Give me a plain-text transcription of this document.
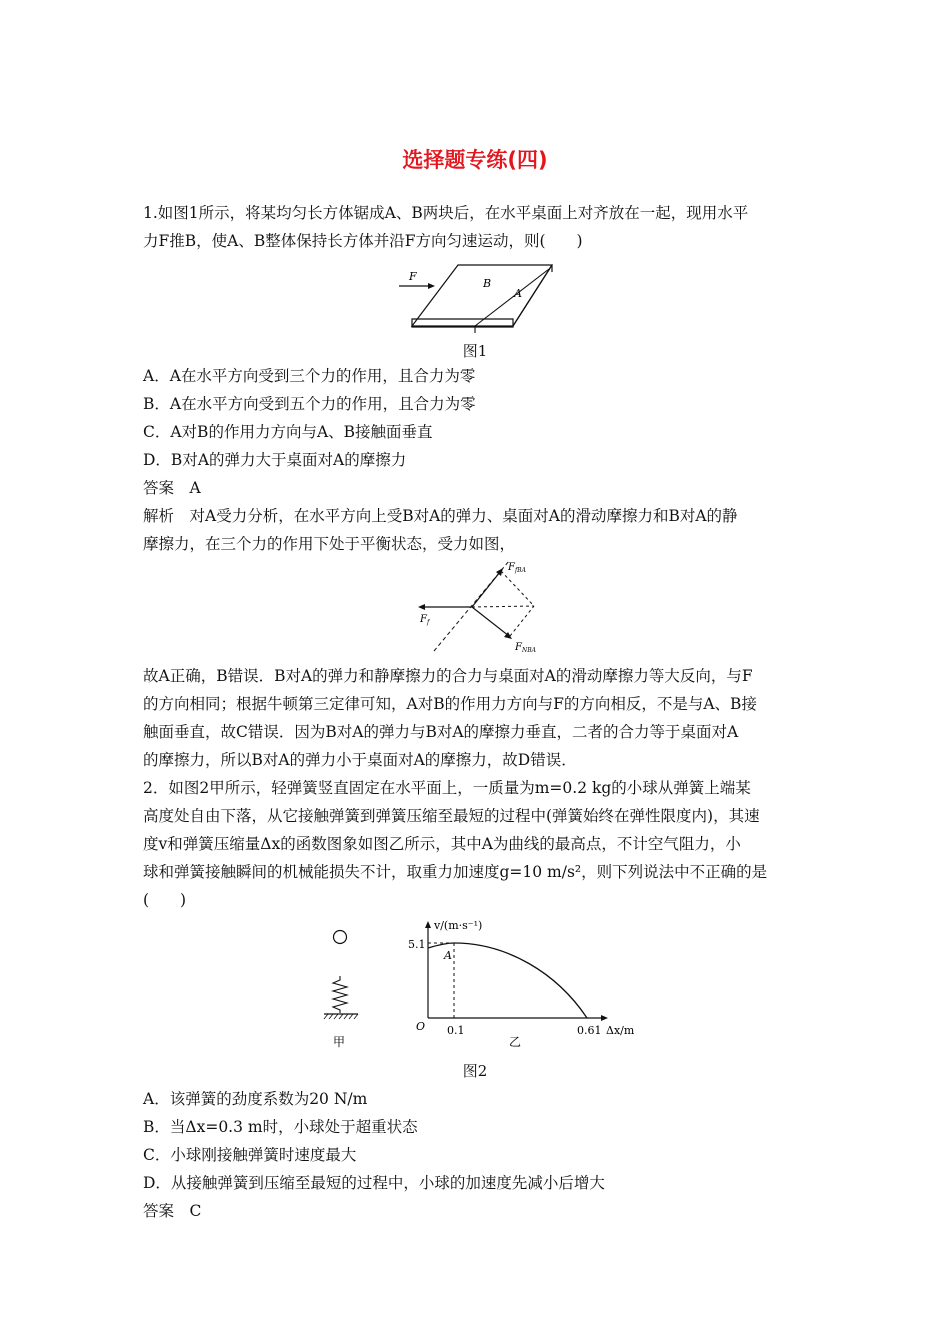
选择题专练(四)

1.如图1所示，将某均匀长方体锯成A、B两块后，在水平桌面上对齐放在一起，现用水平

力F推B，使A、B整体保持长方体并沿F方向匀速运动，则(　　)

F
B
A
图1

A．A在水平方向受到三个力的作用，且合力为零

B．A在水平方向受到五个力的作用，且合力为零

C．A对B的作用力方向与A、B接触面垂直

D．B对A的弹力大于桌面对A的摩擦力

答案　A

解析　对A受力分析，在水平方向上受B对A的弹力、桌面对A的滑动摩擦力和B对A的静

摩擦力，在三个力的作用下处于平衡状态，受力如图，

$F_{fBA}$
$F_f$
$F_{NBA}$

故A正确，B错误．B对A的弹力和静摩擦力的合力与桌面对A的滑动摩擦力等大反向，与F

的方向相同；根据牛顿第三定律可知，A对B的作用力方向与F的方向相反，不是与A、B接

触面垂直，故C错误．因为B对A的弹力与B对A的摩擦力垂直，二者的合力等于桌面对A

的摩擦力，所以B对A的弹力小于桌面对A的摩擦力，故D错误．

2．如图2甲所示，轻弹簧竖直固定在水平面上，一质量为m=0.2 kg的小球从弹簧上端某

高度处自由下落，从它接触弹簧到弹簧压缩至最短的过程中(弹簧始终在弹性限度内)，其速

度v和弹簧压缩量Δx的函数图象如图乙所示，其中A为曲线的最高点，不计空气阻力，小

球和弹簧接触瞬间的机械能损失不计，取重力加速度g=10 m/s²，则下列说法中不正确的是

(　　)

甲
v/(m·s⁻¹)
5.1
A
O 0.1	0.61 Δx/m
乙
图2

A．该弹簧的劲度系数为20 N/m

B．当Δx=0.3 m时，小球处于超重状态

C．小球刚接触弹簧时速度最大

D．从接触弹簧到压缩至最短的过程中，小球的加速度先减小后增大

答案　C
